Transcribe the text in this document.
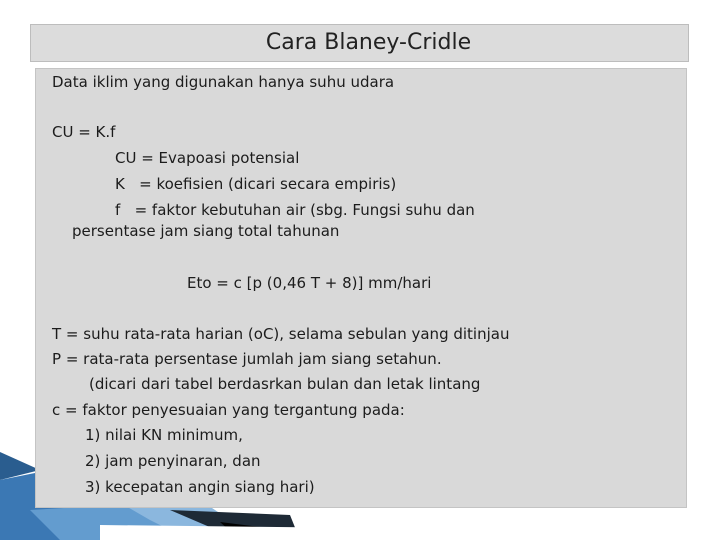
Cara Blaney-Cridle
Data iklim yang digunakan hanya suhu udara
CU = K.f
CU = Evapoasi potensial
K   = koefisien (dicari secara empiris)
f   = faktor kebutuhan air (sbg. Fungsi suhu dan
persentase jam siang total tahunan
Eto = c [p (0,46 T + 8)] mm/hari
T = suhu rata-rata harian (oC), selama sebulan yang ditinjau
P = rata-rata persentase jumlah jam siang setahun.
(dicari dari tabel berdasrkan bulan dan letak lintang
c = faktor penyesuaian yang tergantung pada:
1) nilai KN minimum,
2) jam penyinaran, dan
3) kecepatan angin siang hari)
